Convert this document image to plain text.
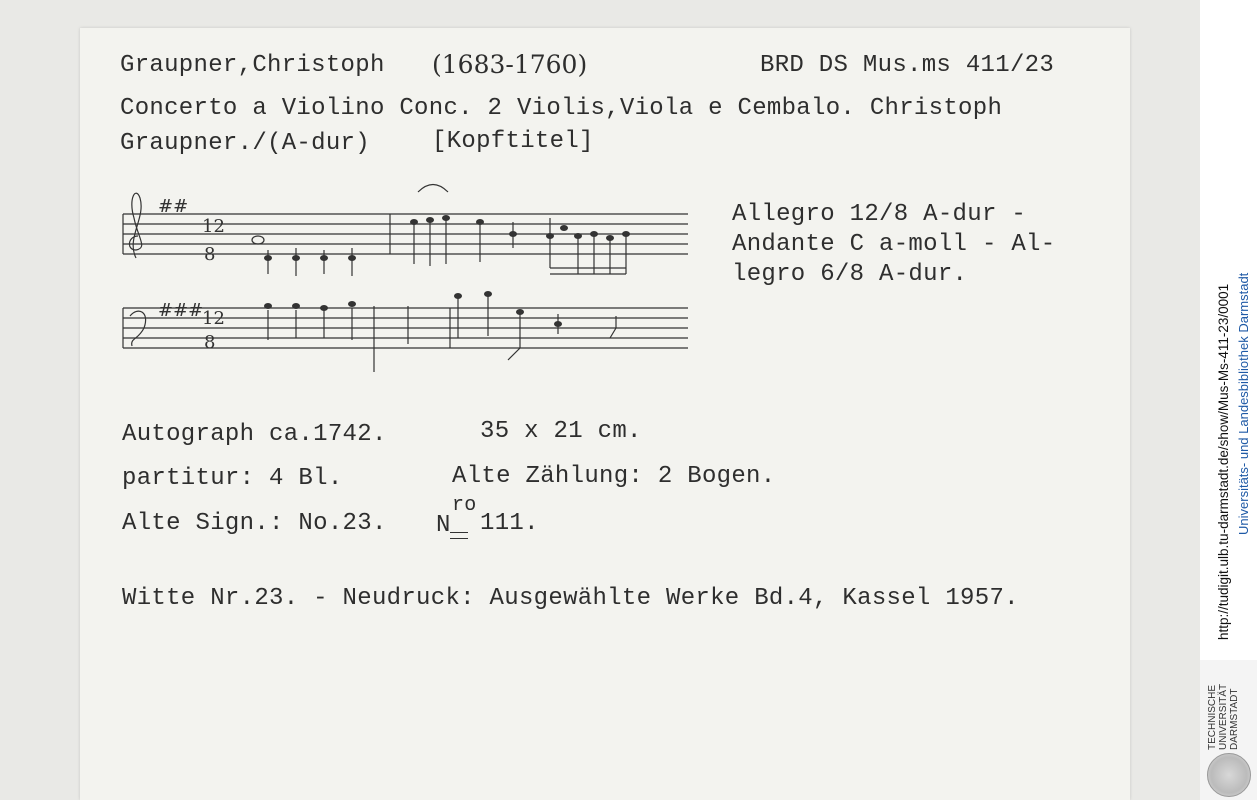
Graupner,Christoph (1683-1760)	BRD DS Mus.ms 411/23
Concerto a Violino Conc. 2 Violis,Viola e Cembalo. Christoph
Graupner./(A-dur)	[Kopftitel]
##
12
8
###
12
8
Allegro 12/8 A-dur -
Andante C a-moll - Al-
legro 6/8 A-dur.
Autograph ca.1742.	35 x 21 cm.
partitur: 4 Bl.	Alte Zählung: 2 Bogen.
Alte Sign.: No.23. N
ro
111.
Witte Nr.23. - Neudruck: Ausgewählte Werke Bd.4, Kassel 1957.	http://tudigit.ulb.tu-darmstadt.de/show/Mus-Ms-411-23/0001 Universitäts- und Landesbibliothek Darmstadt
TECHNISCHE
UNIVERSITÄT
DARMSTADT
